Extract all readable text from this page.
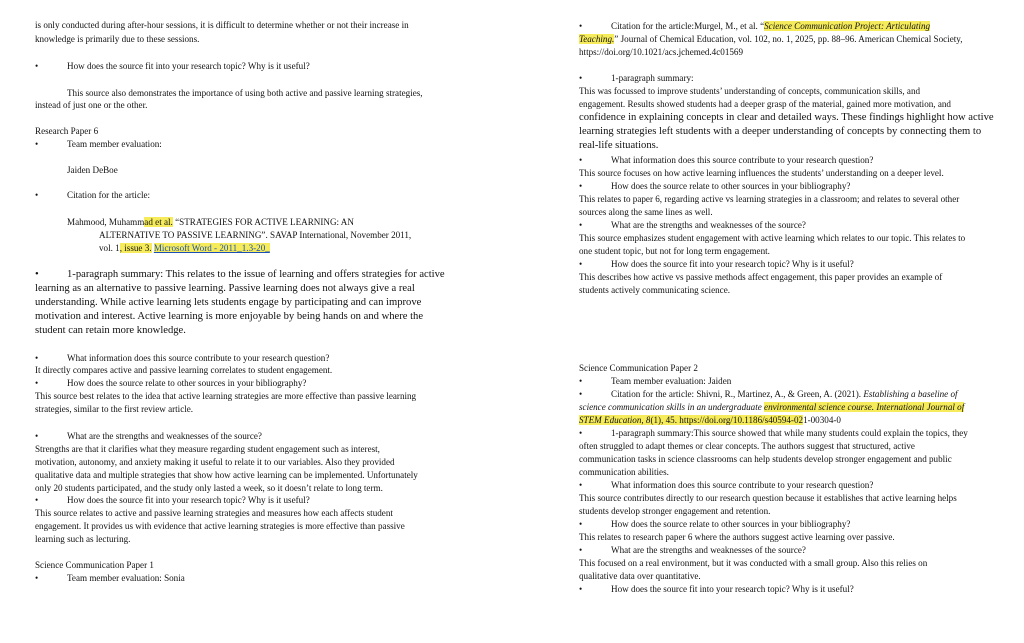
is only conducted during after-hour sessions, it is difficult to determine whether or not their increase in
knowledge is primarily due to these sessions.
•	How does the source fit into your research topic? Why is it useful?
This source also demonstrates the importance of using both active and passive learning strategies,
instead of just one or the other.
Research Paper 6
•	Team member evaluation:
Jaiden DeBoe
•	Citation for the article:
Mahmood, Muhammad et al. “STRATEGIES FOR ACTIVE LEARNING: AN
ALTERNATIVE TO PASSIVE LEARNING”. SAVAP International, November 2011,
vol. 1, issue 3. Microsoft Word - 2011_1.3-20_
•	1-paragraph summary: This relates to the issue of learning and offers strategies for active
learning as an alternative to passive learning. Passive learning does not always give a real
understanding. While active learning lets students engage by participating and can improve
motivation and interest. Active learning is more enjoyable by being hands on and where the
student can retain more knowledge.
•	What information does this source contribute to your research question?
It directly compares active and passive learning correlates to student engagement.
•	How does the source relate to other sources in your bibliography?
This source best relates to the idea that active learning strategies are more effective than passive learning
strategies, similar to the first review article.
•	What are the strengths and weaknesses of the source?
Strengths are that it clarifies what they measure regarding student engagement such as interest,
motivation, autonomy, and anxiety making it useful to relate it to our variables. Also they provided
qualitative data and multiple strategies that show how active learning can be implemented. Unfortunately
only 20 students participated, and the study only lasted a week, so it doesn’t relate to long term.
•	How does the source fit into your research topic? Why is it useful?
This source relates to active and passive learning strategies and measures how each affects student
engagement. It provides us with evidence that active learning strategies is more effective than passive
learning such as lecturing.
Science Communication Paper 1
•	Team member evaluation: Sonia
•	Citation for the article:Murgel, M., et al. “Science Communication Project: Articulating
Teaching.” Journal of Chemical Education, vol. 102, no. 1, 2025, pp. 88–96. American Chemical Society,
https://doi.org/10.1021/acs.jchemed.4c01569
•	1-paragraph summary:
This was focussed to improve students’ understanding of concepts, communication skills, and
engagement. Results showed students had a deeper grasp of the material, gained more motivation, and
confidence in explaining concepts in clear and detailed ways. These findings highlight how active
learning strategies left students with a deeper understanding of concepts by connecting them to
real-life situations.
•	What information does this source contribute to your research question?
This source focuses on how active learning influences the students’ understanding on a deeper level.
•	How does the source relate to other sources in your bibliography?
This relates to paper 6, regarding active vs learning strategies in a classroom; and relates to several other
sources along the same lines as well.
•	What are the strengths and weaknesses of the source?
This source emphasizes student engagement with active learning which relates to our topic. This relates to
one student topic, but not for long term engagement.
•	How does the source fit into your research topic? Why is it useful?
This describes how active vs passive methods affect engagement, this paper provides an example of
students actively communicating science.
Science Communication Paper 2
•	Team member evaluation: Jaiden
•	Citation for the article: Shivni, R., Martinez, A., & Green, A. (2021). Establishing a baseline of
science communication skills in an undergraduate environmental science course. International Journal of
STEM Education, 8(1), 45. https://doi.org/10.1186/s40594-021-00304-0
•	1-paragraph summary:This source showed that while many students could explain the topics, they
often struggled to adapt themes or clear concepts. The authors suggest that structured, active
communication tasks in science classrooms can help students develop stronger engagement and public
communication abilities.
•	What information does this source contribute to your research question?
This source contributes directly to our research question because it establishes that active learning helps
students develop stronger engagement and retention.
•	How does the source relate to other sources in your bibliography?
This relates to research paper 6 where the authors suggest active learning over passive.
•	What are the strengths and weaknesses of the source?
This focused on a real environment, but it was conducted with a small group. Also this relies on
qualitative data over quantitative.
•	How does the source fit into your research topic? Why is it useful?
